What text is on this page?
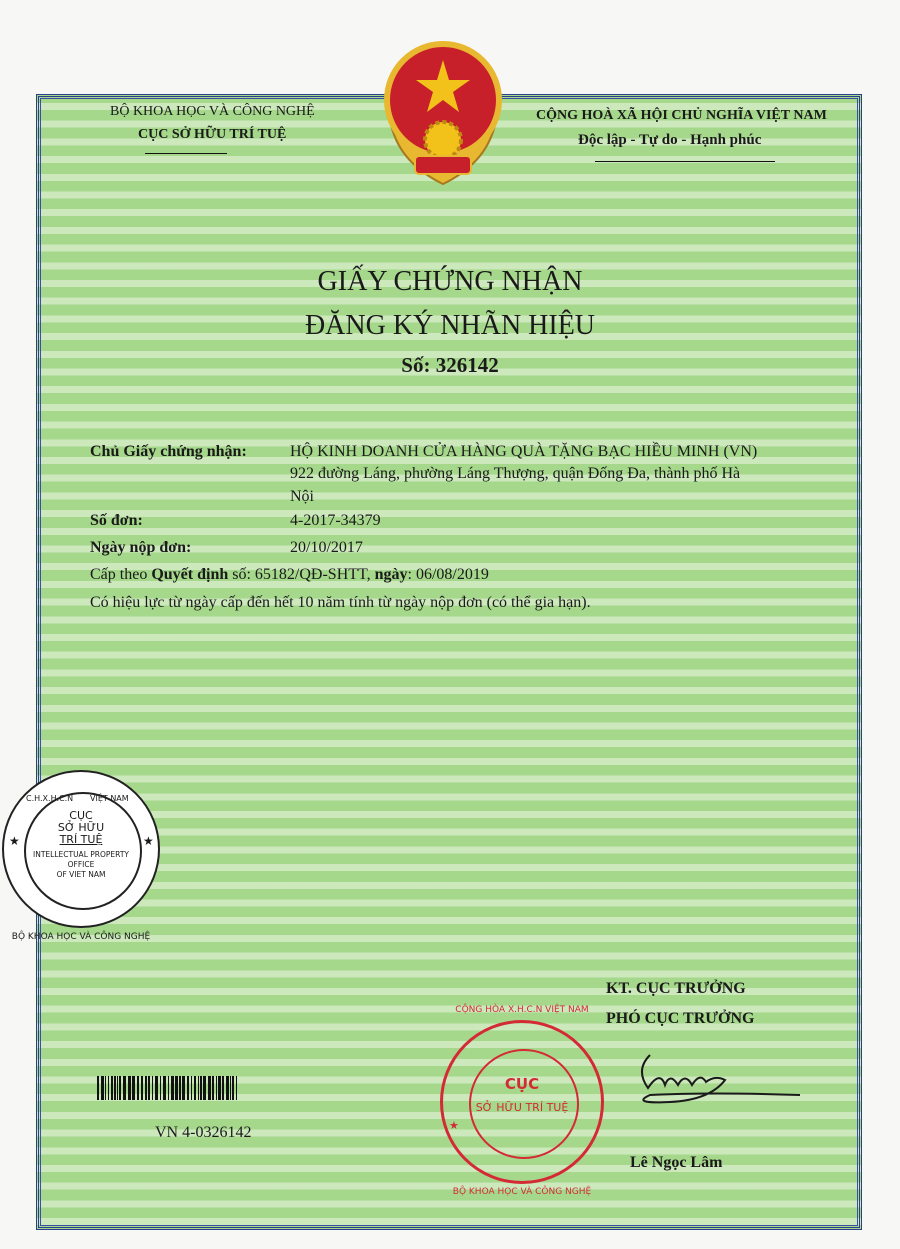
BỘ KHOA HỌC VÀ CÔNG NGHỆ
CỤC SỞ HỮU TRÍ TUỆ
CỘNG HOÀ XÃ HỘI CHỦ NGHĨA VIỆT NAM
Độc lập - Tự do - Hạnh phúc
GIẤY CHỨNG NHẬN
ĐĂNG KÝ NHÃN HIỆU
Số: 326142
Chủ Giấy chứng nhận:	HỘ KINH DOANH CỬA HÀNG QUÀ TẶNG BẠC HIỀU MINH (VN)
922 đường Láng, phường Láng Thượng, quận Đống Đa, thành phố Hà
Nội
Số đơn:	4-2017-34379
Ngày nộp đơn:	20/10/2017
Cấp theo Quyết định số: 65182/QĐ-SHTT, ngày: 06/08/2019
Có hiệu lực từ ngày cấp đến hết 10 năm tính từ ngày nộp đơn (có thể gia hạn).
C.H.X.H.C.N VIỆT NAM
CỤC
SỞ HỮU
TRÍ TUỆ
INTELLECTUAL PROPERTY
OFFICE
OF VIET NAM
★	★
BỘ KHOA HỌC VÀ CÔNG NGHỆ
VN 4-0326142
KT. CỤC TRƯỞNG
PHÓ CỤC TRƯỞNG
CỘNG HÒA X.H.C.N VIỆT NAM
CỤC
SỞ HỮU TRÍ TUỆ
★
BỘ KHOA HỌC VÀ CÔNG NGHỆ
Lê Ngọc Lâm
